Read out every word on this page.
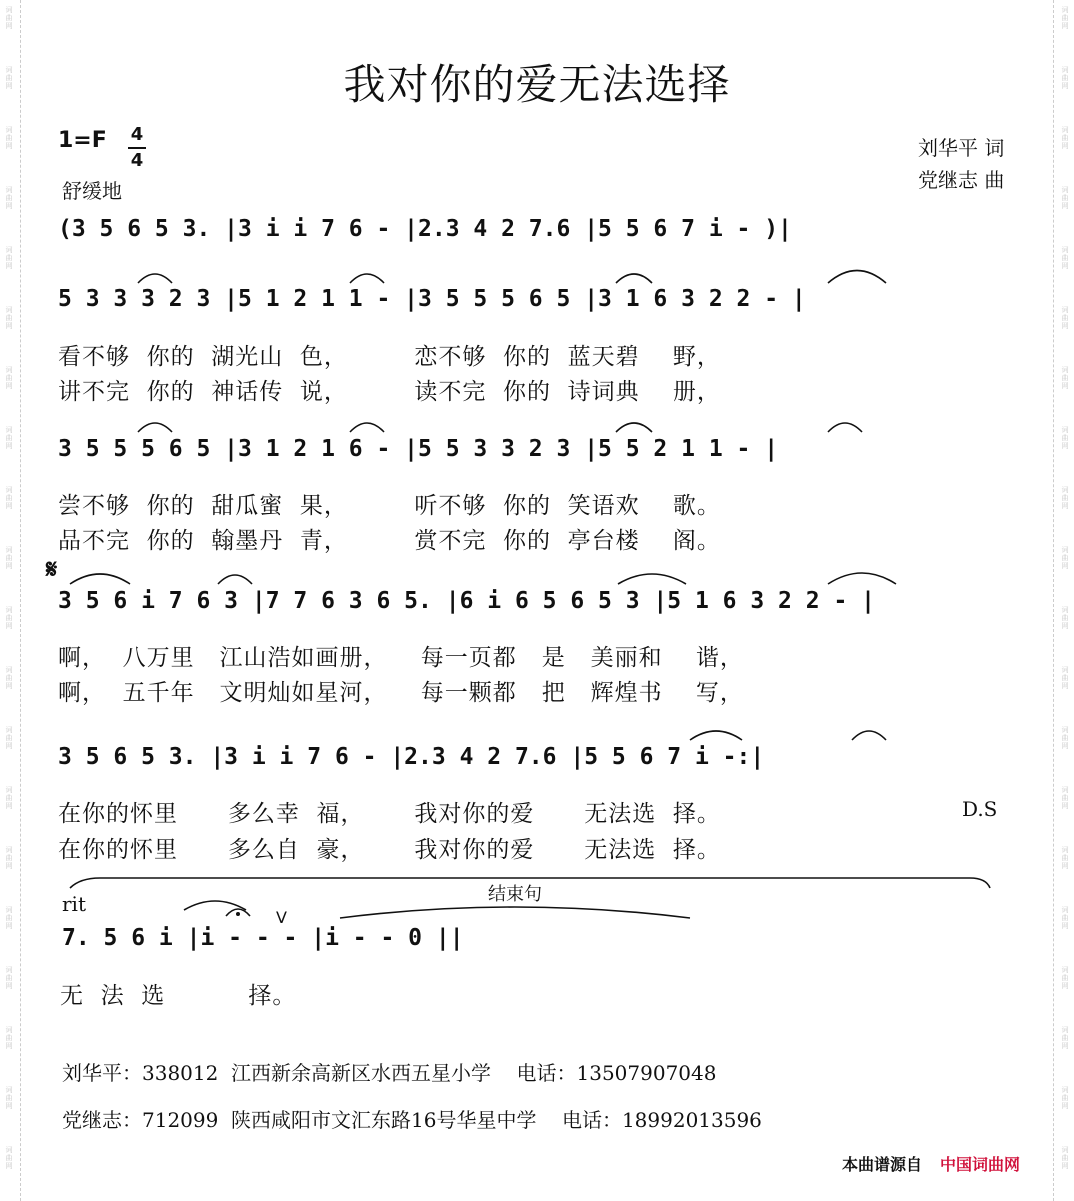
词
曲
网
词
曲
网
词
曲
网
词
曲
网
词
曲
网
词
曲
网
词
曲
网
词
曲
网
词
曲
网
词
曲
网
词
曲
网
词
曲
网
词
曲
网
词
曲
网
词
曲
网
词
曲
网
词
曲
网
词
曲
网
词
曲
网
词
曲
网
词
曲
网
词
曲
网
词
曲
网
词
曲
网
词
曲
网
词
曲
网
词
曲
网
词
曲
网
词
曲
网
词
曲
网
词
曲
网
词
曲
网
词
曲
网
词
曲
网
词
曲
网
词
曲
网
词
曲
网
词
曲
网
词
曲
网
词
曲
网
我对你的爱无法选择
1=F 4
4
舒缓地
刘华平 词
党继志 曲
(3 5 6 5 3. |3 i i 7 6 - |2.3 4 2 7.6 |5 5 6 7 i - )|
5 3 3 3 2 3 |5 1 2 1 1 - |3 5 5 5 6 5 |3 1 6 3 2 2 - |
看不够  你的  湖光山  色，        恋不够  你的  蓝天碧    野，
讲不完  你的  神话传  说，        读不完  你的  诗词典    册，
3 5 5 5 6 5 |3 1 2 1 6 - |5 5 3 3 2 3 |5 5 2 1 1 - |
尝不够  你的  甜瓜蜜  果，        听不够  你的  笑语欢    歌。
品不完  你的  翰墨丹  青，        赏不完  你的  亭台楼    阁。
𝄋
3 5 6 i 7 6 3 |7 7 6 3 6 5. |6 i 6 5 6 5 3 |5 1 6 3 2 2 - |
啊，  八万里   江山浩如画册，    每一页都   是   美丽和    谐，
啊，  五千年   文明灿如星河，    每一颗都   把   辉煌书    写，
3 5 6 5 3. |3 i i 7 6 - |2.3 4 2 7.6 |5 5 6 7 i -:|
在你的怀里      多么幸  福，      我对你的爱      无法选  择。
在你的怀里      多么自  豪，      我对你的爱      无法选  择。
D.S
rit	结束句
V
7. 5 6 i |i - - - |i - - 0 ||
无  法  选          择。
刘华平：338012  江西新余高新区水西五星小学    电话：13507907048
党继志：712099  陕西咸阳市文汇东路16号华星中学    电话：18992013596
本曲谱源自 中国词曲网
